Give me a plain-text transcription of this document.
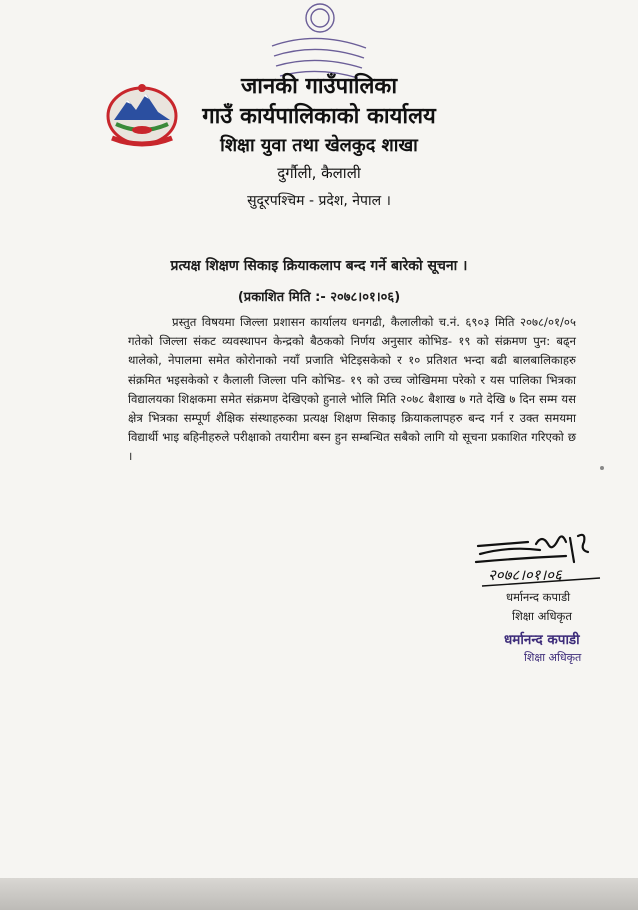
जानकी गाउँपालिका
गाउँ कार्यपालिकाको कार्यालय
शिक्षा युवा तथा खेलकुद शाखा
दुर्गौली, कैलाली
सुदूरपश्चिम - प्रदेश, नेपाल ।
प्रत्यक्ष शिक्षण सिकाइ क्रियाकलाप बन्द गर्ने बारेको सूचना ।
(प्रकाशित मिति :- २०७८।०१।०६)
प्रस्तुत विषयमा जिल्ला प्रशासन कार्यालय धनगढी, कैलालीको च.नं. ६९०३ मिति २०७८/०१/०५ गतेको जिल्ला संकट व्यवस्थापन केन्द्रको बैठकको निर्णय अनुसार कोभिड- १९ को संक्रमण पुन: बढ्न थालेको, नेपालमा समेत कोरोनाको नयाँ प्रजाति भेटिइसकेको र १० प्रतिशत भन्दा बढी बालबालिकाहरु संक्रमित भइसकेको र कैलाली जिल्ला पनि कोभिड- १९ को उच्च जोखिममा परेको र यस पालिका भित्रका विद्यालयका शिक्षकमा समेत संक्रमण देखिएको हुनाले भोलि मिति २०७८ बैशाख ७ गते देखि ७ दिन सम्म यस क्षेत्र भित्रका सम्पूर्ण शैक्षिक संस्थाहरुका प्रत्यक्ष शिक्षण सिकाइ क्रियाकलापहरु बन्द गर्न र उक्त समयमा विद्यार्थी भाइ बहिनीहरुले परीक्षाको तयारीमा बस्न हुन सम्बन्धित सबैको लागि यो सूचना प्रकाशित गरिएको छ ।
२०७८।०१।०६
धर्मानन्द कपाडी
शिक्षा अधिकृत
धर्मानन्द कपाडी
शिक्षा अधिकृत
